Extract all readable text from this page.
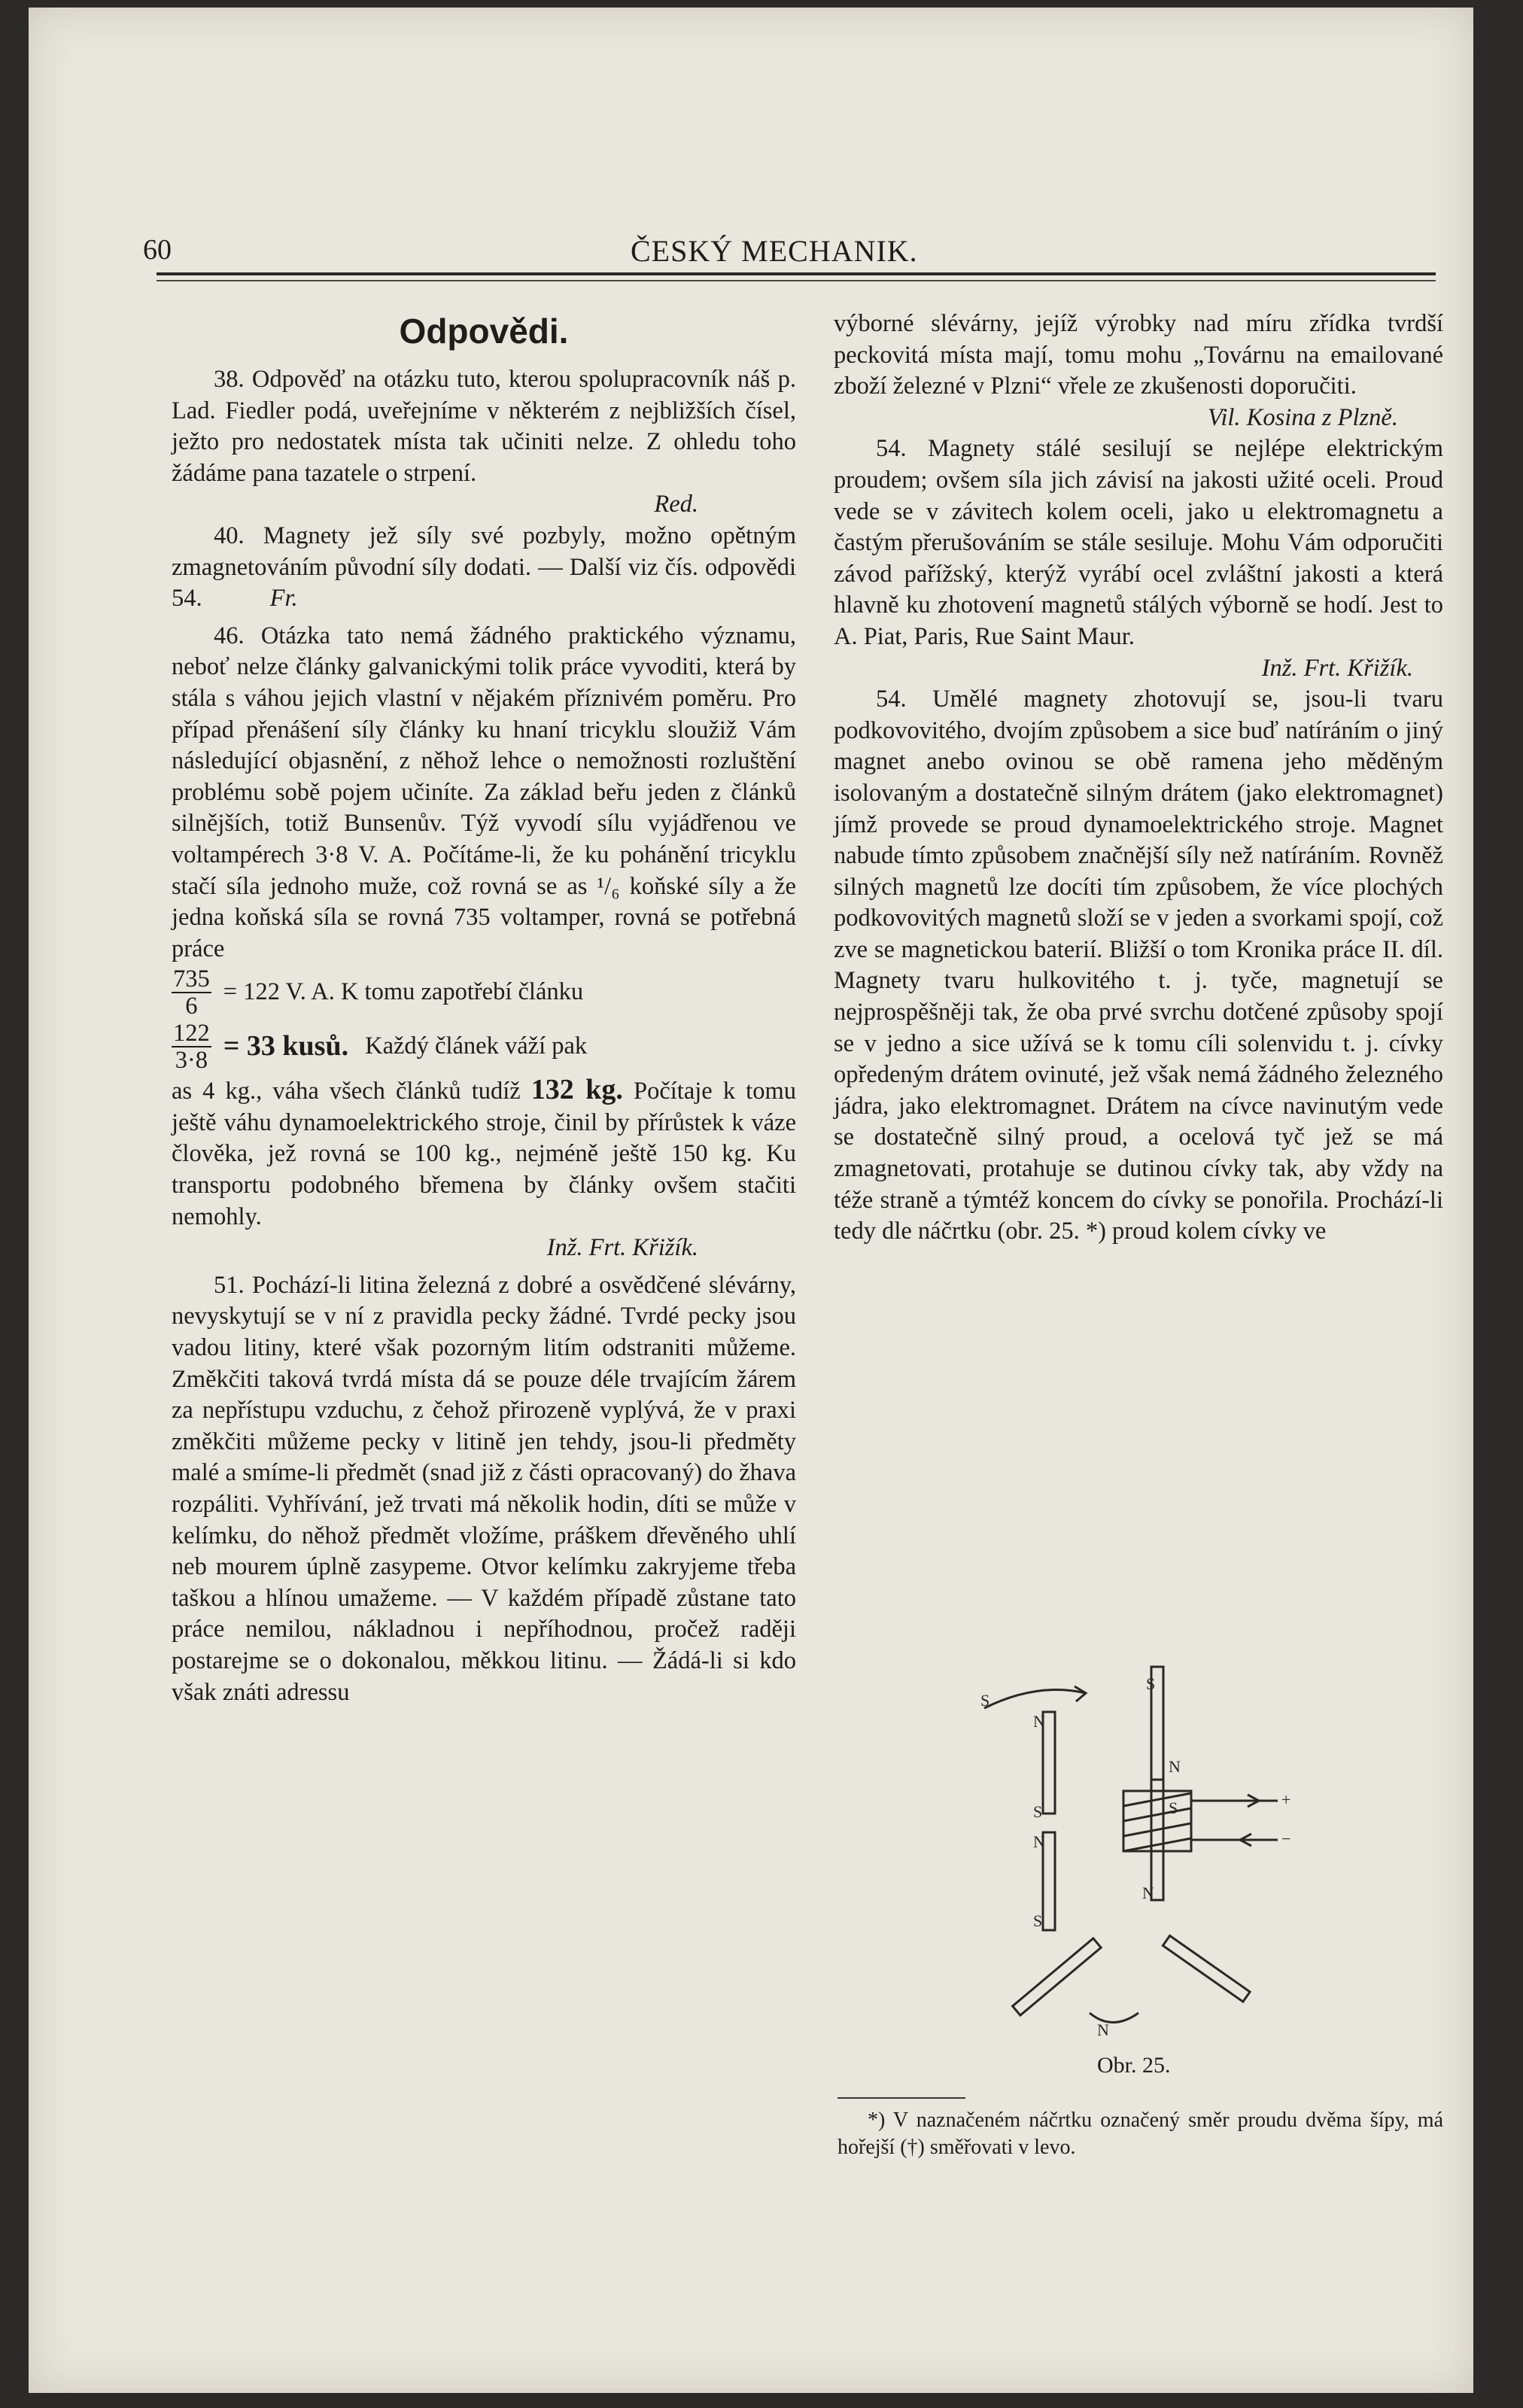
60	ČESKÝ MECHANIK.
Odpovědi.

38. Odpověď na otázku tuto, kterou spolupracovník náš p. Lad. Fiedler podá, uveřejníme v některém z nejbližších čísel, ježto pro nedostatek místa tak učiniti nelze. Z ohledu toho žádáme pana tazatele o strpení.

Red.

40. Magnety jež síly své pozbyly, možno opětným zmagnetováním původní síly dodati. — Další viz čís. odpovědi 54.	Fr.

46. Otázka tato nemá žádného praktického významu, neboť nelze články galvanickými tolik práce vyvoditi, která by stála s váhou jejich vlastní v nějakém příznivém poměru. Pro případ přenášení síly články ku hnaní tricyklu sloužiž Vám následující objasnění, z něhož lehce o nemožnosti rozluštění problému sobě pojem učiníte. Za základ beřu jeden z článků silnějších, totiž Bunsenův. Týž vyvodí sílu vyjádřenou ve voltampérech 3·8 V. A. Počítáme-li, že ku pohánění tricyklu stačí síla jednoho muže, což rovná se as ¹/₆ koňské síly a že jedna koňská síla se rovná 735 voltamper, rovná se potřebná práce

$\frac{735}{6} = 122$ V. A. K tomu zapotřebí článku
$\frac{122}{3\cdot 8} = 33$ kusů. Každý článek váží pak

as 4 kg., váha všech článků tudíž 132 kg. Počítaje k tomu ještě váhu dynamoelektrického stroje, činil by přírůstek k váze člověka, jež rovná se 100 kg., nejméně ještě 150 kg. Ku transportu podobného břemena by články ovšem stačiti nemohly.

Inž. Frt. Křižík.

51. Pochází-li litina železná z dobré a osvědčené slévárny, nevyskytují se v ní z pravidla pecky žádné. Tvrdé pecky jsou vadou litiny, které však pozorným litím odstraniti můžeme. Změkčiti taková tvrdá místa dá se pouze déle trvajícím žárem za nepřístupu vzduchu, z čehož přirozeně vyplývá, že v praxi změkčiti můžeme pecky v litině jen tehdy, jsou-li předměty malé a smíme-li předmět (snad již z části opracovaný) do žhava rozpáliti. Vyhřívání, jež trvati má několik hodin, díti se může v kelímku, do něhož předmět vložíme, práškem dřevěného uhlí neb mourem úplně zasypeme. Otvor kelímku zakryjeme třeba taškou a hlínou umažeme. — V každém případě zůstane tato práce nemilou, nákladnou i nepříhodnou, pročež raději postarejme se o dokonalou, měkkou litinu. — Žádá-li si kdo však znáti adressu

výborné slévárny, jejíž výrobky nad míru zřídka tvrdší peckovitá místa mají, tomu mohu „Továrnu na emailované zboží železné v Plzni“ vřele ze zkušenosti doporučiti.

Vil. Kosina z Plzně.

54. Magnety stálé sesilují se nejlépe elektrickým proudem; ovšem síla jich závisí na jakosti užité oceli. Proud vede se v závitech kolem oceli, jako u elektromagnetu a častým přerušováním se stále sesiluje. Mohu Vám odporučiti závod pařížský, kterýž vyrábí ocel zvláštní jakosti a která hlavně ku zhotovení magnetů stálých výborně se hodí. Jest to A. Piat, Paris, Rue Saint Maur.

Inž. Frt. Křižík.

54. Umělé magnety zhotovují se, jsou-li tvaru podkovovitého, dvojím způsobem a sice buď natíráním o jiný magnet anebo ovinou se obě ramena jeho měděným isolovaným a dostatečně silným drátem (jako elektromagnet) jímž provede se proud dynamoelektrického stroje. Magnet nabude tímto způsobem značnější síly než natíráním. Rovněž silných magnetů lze docíti tím způsobem, že více plochých podkovovitých magnetů složí se v jeden a svorkami spojí, což zve se magnetickou baterií. Bližší o tom Kronika práce II. díl. Magnety tvaru hulkovitého t. j. tyče, magnetují se nejprospěšněji tak, že oba prvé svrchu dotčené způsoby spojí se v jedno a sice užívá se k tomu cíli solenvidu t. j. cívky opředeným drátem ovinuté, jež však nemá žádného železného jádra, jako elektromagnet. Drátem na cívce navinutým vede se dostatečně silný proud, a ocelová tyč jež se má zmagnetovati, protahuje se dutinou cívky tak, aby vždy na téže straně a týmtéž koncem do cívky se ponořila. Prochází-li tedy dle náčrtku (obr. 25. *) proud kolem cívky ve

S
N
N
S
N
S
N
S	+
−
N
S
Obr. 25.

*) V naznačeném náčrtku označený směr proudu dvěma šípy, má hořejší (†) směřovati v levo.
